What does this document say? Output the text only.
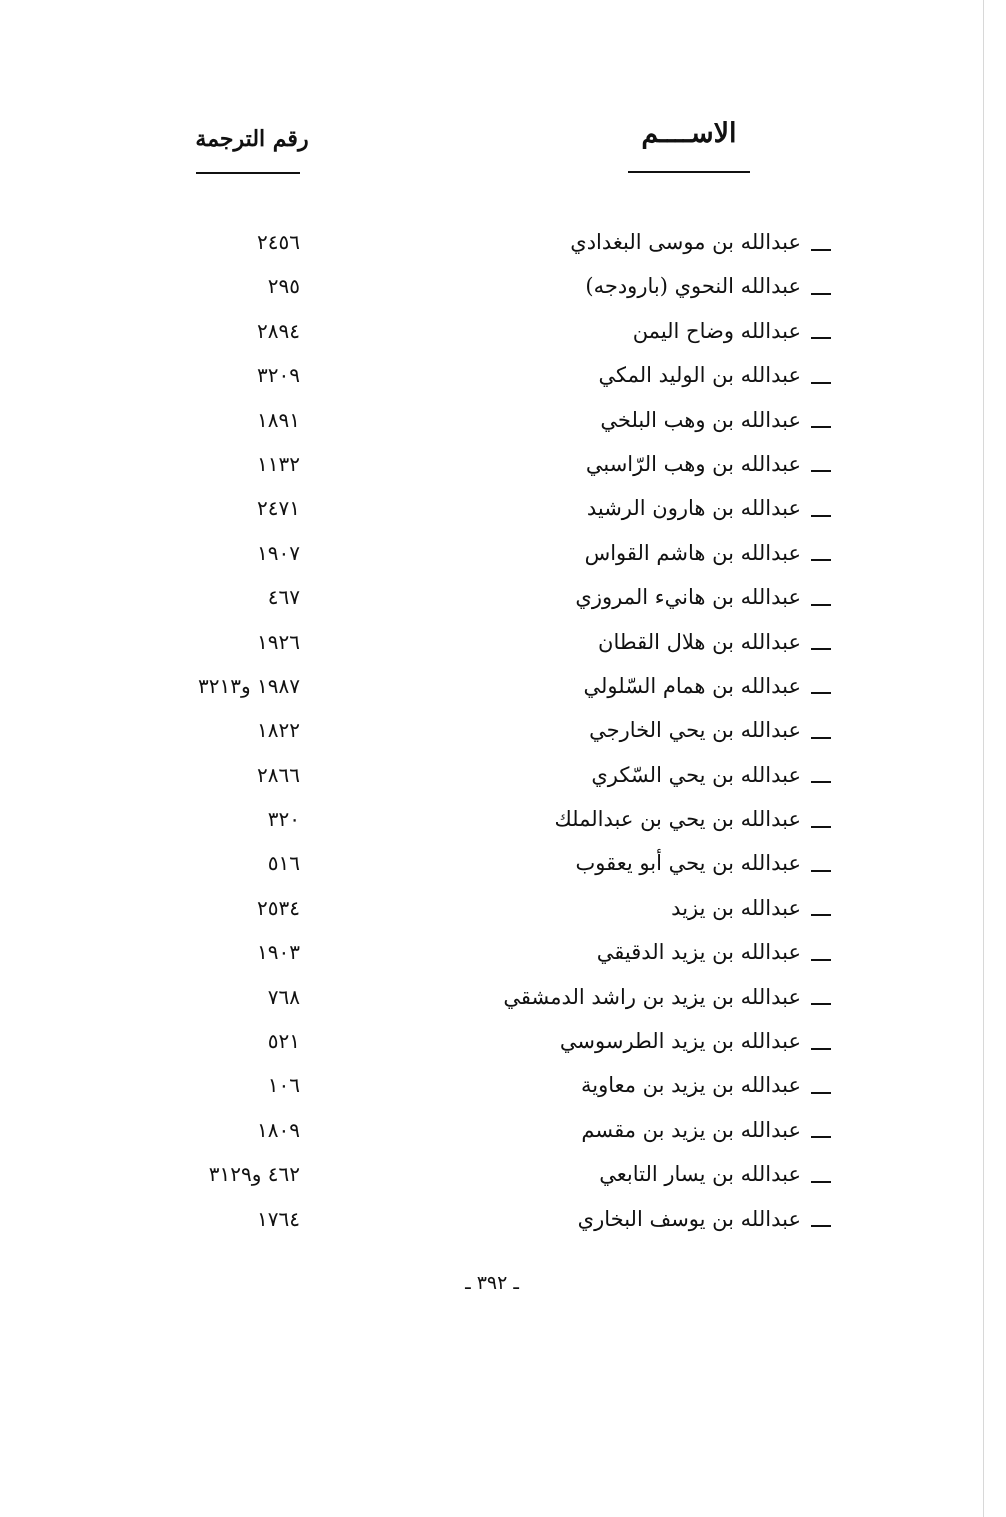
الاســــم
رقم الترجمة
عبدالله بن موسى البغدادي
٢٤٥٦
عبدالله النحوي (بارودجه)
٢٩٥
عبدالله وضاح اليمن
٢٨٩٤
عبدالله بن الوليد المكي
٣٢٠٩
عبدالله بن وهب البلخي
١٨٩١
عبدالله بن وهب الرّاسبي
١١٣٢
عبدالله بن هارون الرشيد
٢٤٧١
عبدالله بن هاشم القواس
١٩٠٧
عبدالله بن هانيء المروزي
٤٦٧
عبدالله بن هلال القطان
١٩٢٦
عبدالله بن همام السّلولي
١٩٨٧ و٣٢١٣
عبدالله بن يحي الخارجي
١٨٢٢
عبدالله بن يحي السّكري
٢٨٦٦
عبدالله بن يحي بن عبدالملك
٣٢٠
عبدالله بن يحي أبو يعقوب
٥١٦
عبدالله بن يزيد
٢٥٣٤
عبدالله بن يزيد الدقيقي
١٩٠٣
عبدالله بن يزيد بن راشد الدمشقي
٧٦٨
عبدالله بن يزيد الطرسوسي
٥٢١
عبدالله بن يزيد بن معاوية
١٠٦
عبدالله بن يزيد بن مقسم
١٨٠٩
عبدالله بن يسار التابعي
٤٦٢ و٣١٢٩
عبدالله بن يوسف البخاري
١٧٦٤
ـ ٣٩٢ ـ
